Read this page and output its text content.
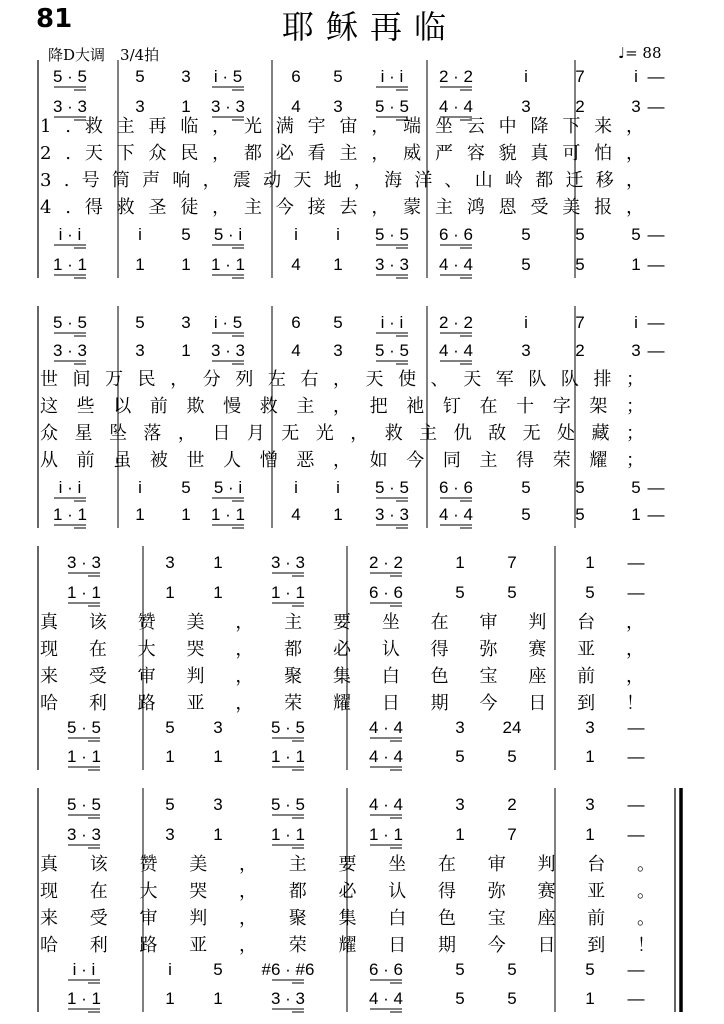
81	耶稣再临
降D大调　3/4拍	♩= 88
5 · 5	5 3 i · 5	6 5 i · i 2 · 2	i	7	i —
3 · 3	3 1 3 · 3	4 3 5 · 5 4 · 4	3	2	3 —
i · i	i 5 5 · i	i i 5 · 5 6 · 6	5	5	5 —
1 · 1	1 1 1 · 1	4 1 3 · 3 4 · 4	5	5	1 —
1.救主再临，光满宇宙，端坐云中降下来，
2.天下众民，都必看主，威严容貌真可怕，
3.号筒声响，震动天地，海洋、山岭都迁移，
4.得救圣徒，主今接去，蒙主鸿恩受美报，
5 · 5	5 3 i · 5	6 5 i · i 2 · 2	i	7	i —
3 · 3	3 1 3 · 3	4 3 5 · 5 4 · 4	3	2	3 —
i · i	i 5 5 · i	i i 5 · 5 6 · 6	5	5	5 —
1 · 1	1 1 1 · 1	4 1 3 · 3 4 · 4	5	5	1 —
世间万民，分列左右，天使、天军队队排；
这些以前欺慢救主，把祂钉在十字架；
众星坠落，日月无光，救主仇敌无处藏；
从前虽被世人憎恶，如今同主得荣耀；
3 · 3	3 1	3 · 3	2 · 2	1	7	1 —
1 · 1	1 1	1 · 1	6 · 6	5	5	5 —
5 · 5	5 3	5 · 5	4 · 4	3 24	3 —
1 · 1	1 1	1 · 1	4 · 4	5	5	1 —
真该赞美，主要坐在审判台，
现在大哭，都必认得弥赛亚，
来受审判，聚集白色宝座前，
哈利路亚，荣耀日期今日到！
5 · 5	5 3	5 · 5	4 · 4	3	2	3 —
3 · 3	3 1	1 · 1	1 · 1	1	7	1 —
i · i	i 5 #6 · #6	6 · 6	5	5	5 —
1 · 1	1 1	3 · 3	4 · 4	5	5	1 —
真该赞美，主要坐在审判台。
现在大哭，都必认得弥赛亚。
来受审判，聚集白色宝座前。
哈利路亚，荣耀日期今日到！
